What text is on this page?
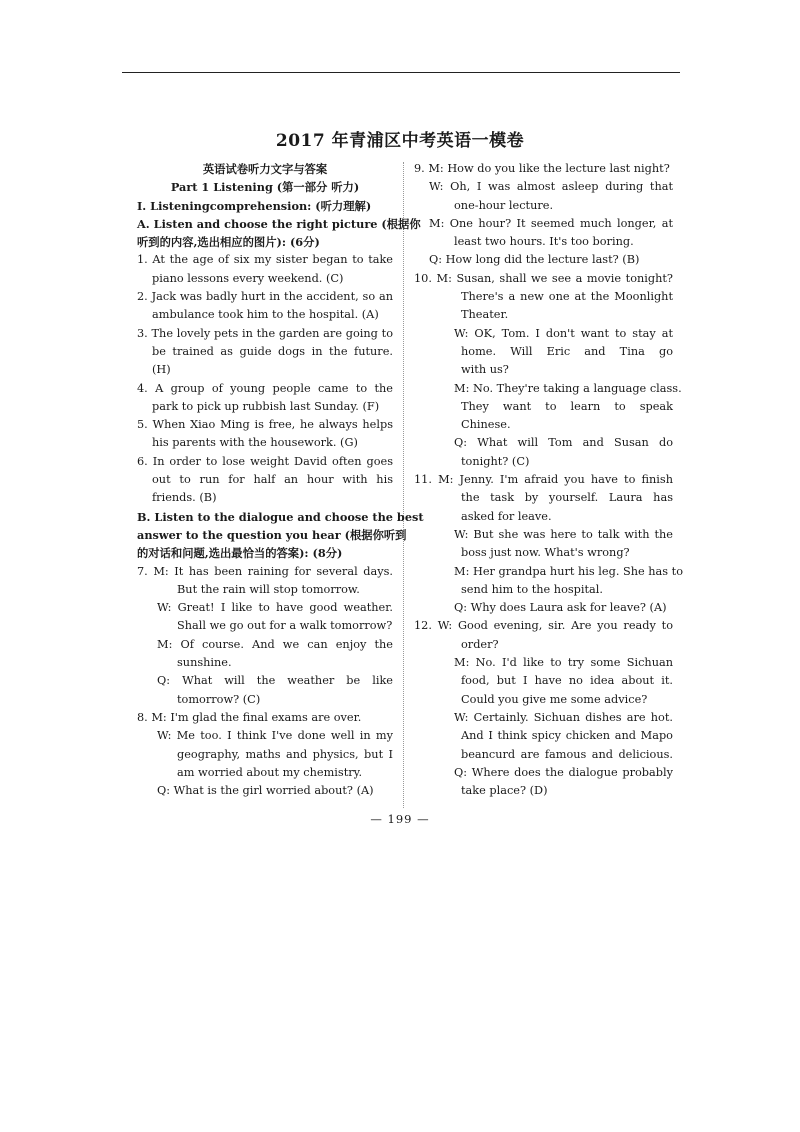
2017 年青浦区中考英语一模卷
英语试卷听力文字与答案
Part 1 Listening (第一部分 听力)
I. Listeningcomprehension: (听力理解)
A. Listen and choose the right picture (根据你
听到的内容,选出相应的图片): (6分)
1. At the age of six my sister began to take
piano lessons every weekend. (C)
2. Jack was badly hurt in the accident, so an
ambulance took him to the hospital. (A)
3. The lovely pets in the garden are going to
be trained as guide dogs in the future.
(H)
4. A group of young people came to the
park to pick up rubbish last Sunday. (F)
5. When Xiao Ming is free, he always helps
his parents with the housework. (G)
6. In order to lose weight David often goes
out to run for half an hour with his
friends. (B)
B. Listen to the dialogue and choose the best
answer to the question you hear (根据你听到
的对话和问题,选出最恰当的答案): (8分)
7. M: It has been raining for several days.
But the rain will stop tomorrow.
W: Great! I like to have good weather.
Shall we go out for a walk tomorrow?
M: Of course. And we can enjoy the
sunshine.
Q: What will the weather be like
tomorrow? (C)
8. M: I'm glad the final exams are over.
W: Me too. I think I've done well in my
geography, maths and physics, but I
am worried about my chemistry.
Q: What is the girl worried about? (A)
9. M: How do you like the lecture last night?
W: Oh, I was almost asleep during that
one-hour lecture.
M: One hour? It seemed much longer, at
least two hours. It's too boring.
Q: How long did the lecture last? (B)
10. M: Susan, shall we see a movie tonight?
There's a new one at the Moonlight
Theater.
W: OK, Tom. I don't want to stay at
home. Will Eric and Tina go
with us?
M: No. They're taking a language class.
They want to learn to speak
Chinese.
Q: What will Tom and Susan do
tonight? (C)
11. M: Jenny. I'm afraid you have to finish
the task by yourself. Laura has
asked for leave.
W: But she was here to talk with the
boss just now. What's wrong?
M: Her grandpa hurt his leg. She has to
send him to the hospital.
Q: Why does Laura ask for leave? (A)
12. W: Good evening, sir. Are you ready to
order?
M: No. I'd like to try some Sichuan
food, but I have no idea about it.
Could you give me some advice?
W: Certainly. Sichuan dishes are hot.
And I think spicy chicken and Mapo
beancurd are famous and delicious.
Q: Where does the dialogue probably
take place? (D)
— 199 —
